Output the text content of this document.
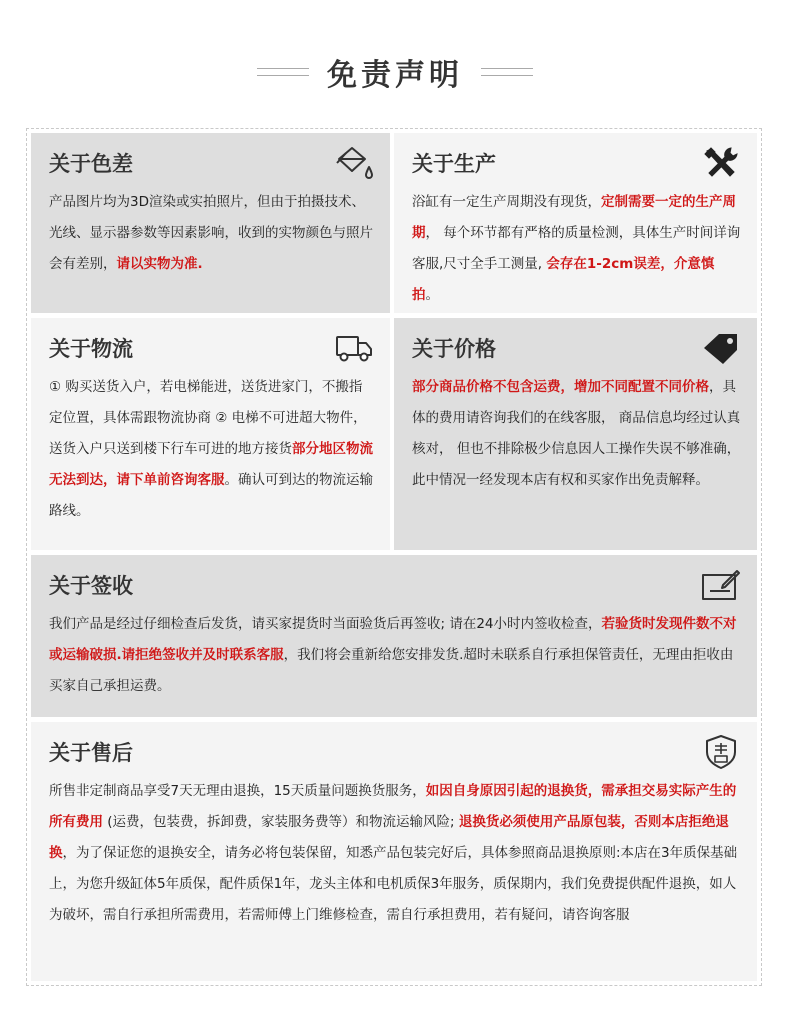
免责声明
关于色差
产品图片均为3D渲染或实拍照片，但由于拍摄技术、光线、显示器参数等因素影响，收到的实物颜色与照片会有差别，请以实物为准.
关于生产
浴缸有一定生产周期没有现货，定制需要一定的生产周期， 每个环节都有严格的质量检测，具体生产时间详询客服,尺寸全手工测量, 会存在1-2cm误差，介意慎拍。
关于物流
① 购买送货入户，若电梯能进，送货进家门，不搬指定位置，具体需跟物流协商 ② 电梯不可进超大物件，送货入户只送到楼下行车可进的地方接货部分地区物流无法到达，请下单前咨询客服。确认可到达的物流运输路线。
关于价格
部分商品价格不包含运费，增加不同配置不同价格，具体的费用请咨询我们的在线客服， 商品信息均经过认真核对， 但也不排除极少信息因人工操作失误不够准确，此中情况一经发现本店有权和买家作出免责解释。
关于签收
我们产品是经过仔细检查后发货，请买家提货时当面验货后再签收; 请在24小时内签收检查，若验货时发现件数不对或运输破损.请拒绝签收并及时联系客服，我们将会重新给您安排发货.超时未联系自行承担保管责任，无理由拒收由买家自己承担运费。
关于售后
所售非定制商品享受7天无理由退换，15天质量问题换货服务，如因自身原因引起的退换货，需承担交易实际产生的所有费用 (运费，包装费，拆卸费，家装服务费等）和物流运输风险; 退换货必须使用产品原包装，否则本店拒绝退换，为了保证您的退换安全，请务必将包装保留，知悉产品包装完好后，具体参照商品退换原则:本店在3年质保基础上，为您升级缸体5年质保，配件质保1年，龙头主体和电机质保3年服务，质保期内，我们免费提供配件退换，如人为破坏，需自行承担所需费用，若需师傅上门维修检查，需自行承担费用，若有疑问，请咨询客服
